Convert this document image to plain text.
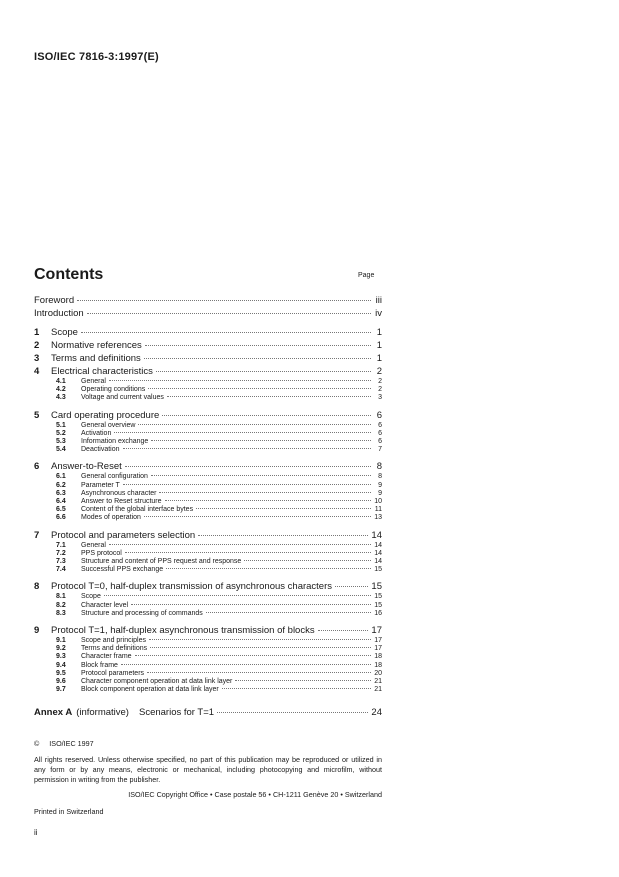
ISO/IEC 7816-3:1997(E)
Contents	Page
Foreword	iii
Introduction	iv
1	Scope	1
2	Normative references	1
3	Terms and definitions	1
4	Electrical characteristics	2
4.1	General	2
4.2	Operating conditions	2
4.3	Voltage and current values	3
5	Card operating procedure	6
5.1	General overview	6
5.2	Activation	6
5.3	Information exchange	6
5.4	Deactivation	7
6	Answer-to-Reset	8
6.1	General configuration	8
6.2	Parameter T	9
6.3	Asynchronous character	9
6.4	Answer to Reset structure	10
6.5	Content of the global interface bytes	11
6.6	Modes of operation	13
7	Protocol and parameters selection	14
7.1	General	14
7.2	PPS protocol	14
7.3	Structure and content of PPS request and response	14
7.4	Successful PPS exchange	15
8	Protocol T=0, half-duplex transmission of asynchronous characters	15
8.1	Scope	15
8.2	Character level	15
8.3	Structure and processing of commands	16
9	Protocol T=1, half-duplex asynchronous transmission of blocks	17
9.1	Scope and principles	17
9.2	Terms and definitions	17
9.3	Character frame	18
9.4	Block frame	18
9.5	Protocol parameters	20
9.6	Character component operation at data link layer	21
9.7	Block component operation at data link layer	21
Annex A (informative) Scenarios for T=1	24
© ISO/IEC 1997
All rights reserved. Unless otherwise specified, no part of this publication may be reproduced or utilized in any form or by any means, electronic or mechanical, including photocopying and microfilm, without permission in writing from the publisher.
ISO/IEC Copyright Office • Case postale 56 • CH-1211 Genève 20 • Switzerland
Printed in Switzerland
ii
